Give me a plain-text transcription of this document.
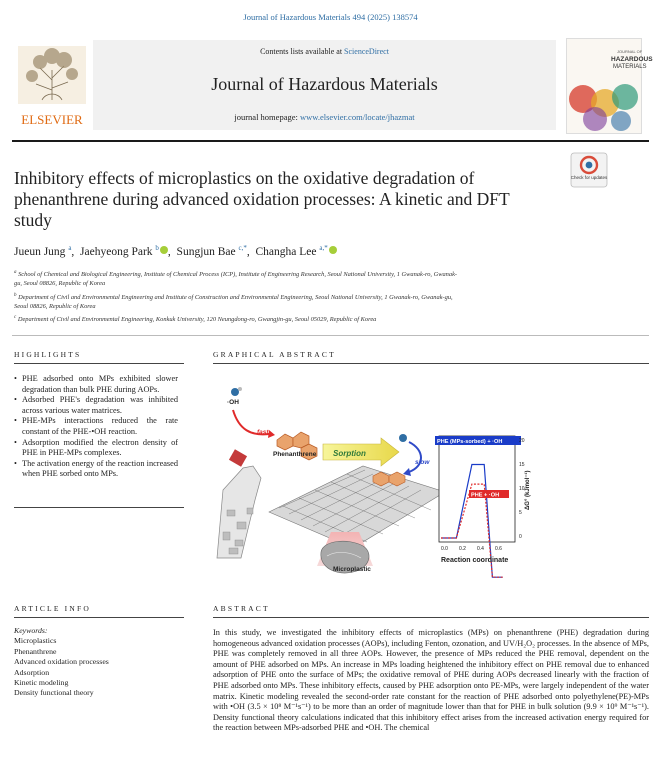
Journal of Hazardous Materials 494 (2025) 138574
ELSEVIER
Contents lists available at ScienceDirect
Journal of Hazardous Materials
journal homepage: www.elsevier.com/locate/jhazmat
JOURNAL OF
HAZARDOUS
MATERIALS
Check for updates
Inhibitory effects of microplastics on the oxidative degradation of phenanthrene during advanced oxidation processes: A kinetic and DFT study
Jueun Jung $^a$,  Jaehyeong Park $^b$ ,  Sungjun Bae $^{c,*}$,  Changha Lee $^{a,*}$
$^a$ School of Chemical and Biological Engineering, Institute of Chemical Process (ICP), Institute of Engineering Research, Seoul National University, 1 Gwanak-ro, Gwanak-
gu, Seoul 08826, Republic of Korea
$^b$ Department of Civil and Environmental Engineering and Institute of Construction and Environmental Engineering, Seoul National University, 1 Gwanak-ro, Gwanak-gu,
Seoul 08826, Republic of Korea
$^c$ Department of Civil and Environmental Engineering, Konkuk University, 120 Neungdong-ro, Gwangjin-gu, Seoul 05029, Republic of Korea
HIGHLIGHTS
• PHE adsorbed onto MPs exhibited slower degradation than bulk PHE during AOPs.
• Adsorbed PHE's degradation was inhibited across various water matrices.
• PHE-MPs interactions reduced the rate constant of the PHE-•OH reaction.
• Adsorption modified the electron density of PHE in PHE-MPs complexes.
• The activation energy of the reaction increased when PHE sorbed onto MPs.
GRAPHICAL ABSTRACT
Microplastic
Phenanthrene
·OH
fast
Sorption
slow
PHE (MPs-sorbed) + ·OH
PHE + ·OH
20
15
10
5
0
ΔG° (kJmol⁻¹)
0.0 0.2 0.4 0.6
Reaction coordinate
ARTICLE INFO
Keywords:
Microplastics
Phenanthrene
Advanced oxidation processes
Adsorption
Kinetic modeling
Density functional theory
ABSTRACT
In this study, we investigated the inhibitory effects of microplastics (MPs) on phenanthrene (PHE) degradation during homogeneous advanced oxidation processes (AOPs), including Fenton, ozonation, and UV/H₂O₂ processes. In the absence of MPs, PHE was completely removed in all three AOPs. However, the presence of MPs reduced the PHE removal, dependent on the amount of PHE adsorbed on MPs. An increase in MPs loading heightened the inhibitory effect on PHE removal due to enhanced adsorption of PHE onto the surface of MPs; the oxidative removal of PHE during AOPs decreased linearly with the fraction of PHE adsorbed onto MPs. These inhibitory effects, caused by PHE adsorption onto PE-MPs, were largely independent of the water matrix. Kinetic modeling revealed the second-order rate constant for the reaction of PHE adsorbed onto polyethylene(PE)-MPs with •OH (3.5 × 10⁸ M⁻¹s⁻¹) to be more than an order of magnitude lower than that for PHE in bulk solution (9.9 × 10⁹ M⁻¹s⁻¹). Density functional theory calculations indicated that this inhibitory effect arises from the increased activation energy required for the reaction between MPs-adsorbed PHE and •OH. The chemical
